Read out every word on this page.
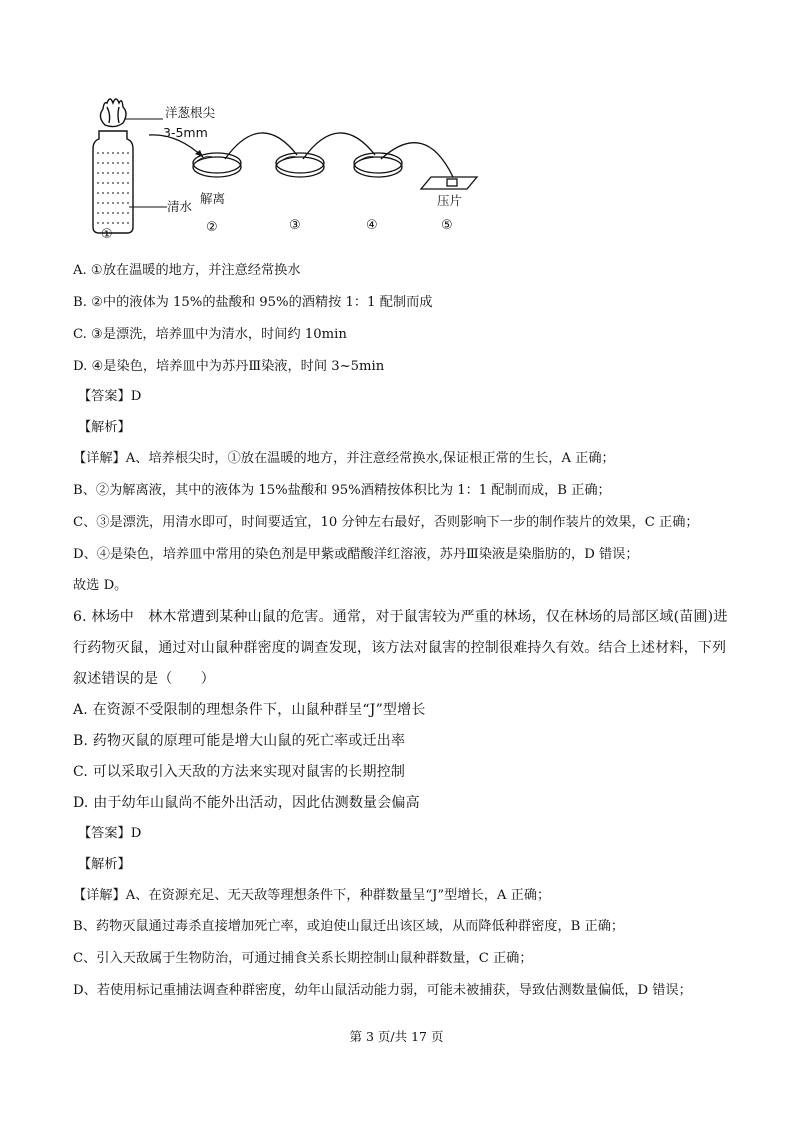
洋葱根尖
3-5mm
清水
解离	压片
①	②	③	④	⑤
A. ①放在温暖的地方，并注意经常换水
B. ②中的液体为 15%的盐酸和 95%的酒精按 1：1 配制而成
C. ③是漂洗，培养皿中为清水，时间约 10min
D. ④是染色，培养皿中为苏丹Ⅲ染液，时间 3~5min
【答案】D
【解析】
【详解】A、培养根尖时，①放在温暖的地方，并注意经常换水,保证根正常的生长，A 正确；
B、②为解离液，其中的液体为 15%盐酸和 95%酒精按体积比为 1：1 配制而成，B 正确；
C、③是漂洗，用清水即可，时间要适宜，10 分钟左右最好，否则影响下一步的制作装片的效果，C 正确；
D、④是染色，培养皿中常用的染色剂是甲紫或醋酸洋红溶液，苏丹Ⅲ染液是染脂肪的，D 错误；
故选 D。
6. 林场中　林木常遭到某种山鼠的危害。通常，对于鼠害较为严重的林场，仅在林场的局部区域(苗圃)进
行药物灭鼠，通过对山鼠种群密度的调查发现，该方法对鼠害的控制很难持久有效。结合上述材料，下列
叙述错误的是（　　）
A. 在资源不受限制的理想条件下，山鼠种群呈“J”型增长
B. 药物灭鼠的原理可能是增大山鼠的死亡率或迁出率
C. 可以采取引入天敌的方法来实现对鼠害的长期控制
D. 由于幼年山鼠尚不能外出活动，因此估测数量会偏高
【答案】D
【解析】
【详解】A、在资源充足、无天敌等理想条件下，种群数量呈“J”型增长，A 正确；
B、药物灭鼠通过毒杀直接增加死亡率，或迫使山鼠迁出该区域，从而降低种群密度，B 正确；
C、引入天敌属于生物防治，可通过捕食关系长期控制山鼠种群数量，C 正确；
D、若使用标记重捕法调查种群密度，幼年山鼠活动能力弱，可能未被捕获，导致估测数量偏低，D 错误；
第 3 页/共 17 页
